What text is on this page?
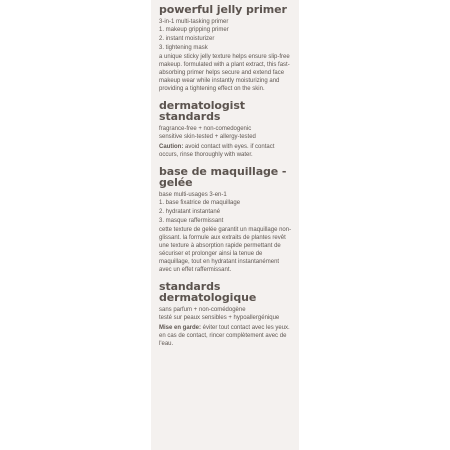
powerful jelly primer
3-in-1 multi-tasking primer
1. makeup gripping primer
2. instant moisturizer
3. tightening mask

a unique sticky jelly texture helps ensure slip-free makeup. formulated with a plant extract, this fast-absorbing primer helps secure and extend face makeup wear while instantly moisturizing and providing a tightening effect on the skin.

dermatologist standards

fragrance-free + non-comedogenic

sensitive skin-tested + allergy-tested

Caution: avoid contact with eyes. if contact occurs, rinse thoroughly with water.

base de maquillage - gelée
base multi-usages 3-en-1
1. base fixatrice de maquillage
2. hydratant instantané
3. masque raffermissant

cette texture de gelée garantit un maquillage non-glissant. la formule aux extraits de plantes revêt une texture à absorption rapide permettant de sécuriser et prolonger ainsi la tenue de maquillage, tout en hydratant instantanément avec un effet raffermissant.

standards dermatologique

sans parfum + non-comédogène

testé sur peaux sensibles + hypoallergénique

Mise en garde: éviter tout contact avec les yeux. en cas de contact, rincer complètement avec de l'eau.
